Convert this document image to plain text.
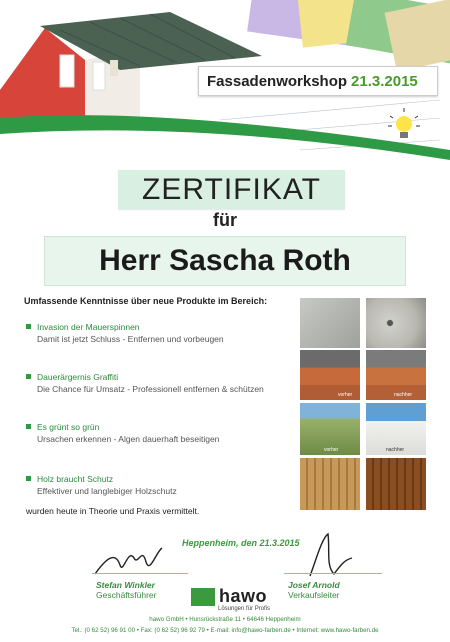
Fassadenworkshop 21.3.2015
ZERTIFIKAT
für
Herr Sascha Roth
Umfassende Kenntnisse über neue Produkte im Bereich:
Invasion der Mauerspinnen
Damit ist jetzt Schluss - Entfernen und vorbeugen
Dauerärgernis Graffiti
Die Chance für Umsatz - Professionell entfernen & schützen
Es grünt so grün
Ursachen erkennen - Algen dauerhaft beseitigen
Holz braucht Schutz
Effektiver und langlebiger Holzschutz
vorher	nachher
vorher	nachher
wurden heute in Theorie und Praxis vermittelt.
Heppenheim, den 21.3.2015
Stefan Winkler
Geschäftsführer
Josef Arnold
Verkaufsleiter
hawo
Lösungen für Profis
hawo GmbH • Hunsrückstraße 11 • 64646 Heppenheim
Tel.: (0 62 52) 96 91 00 • Fax: (0 62 52) 96 92 79 • E-mail: info@hawo-farben.de • Internet: www.hawo-farben.de
